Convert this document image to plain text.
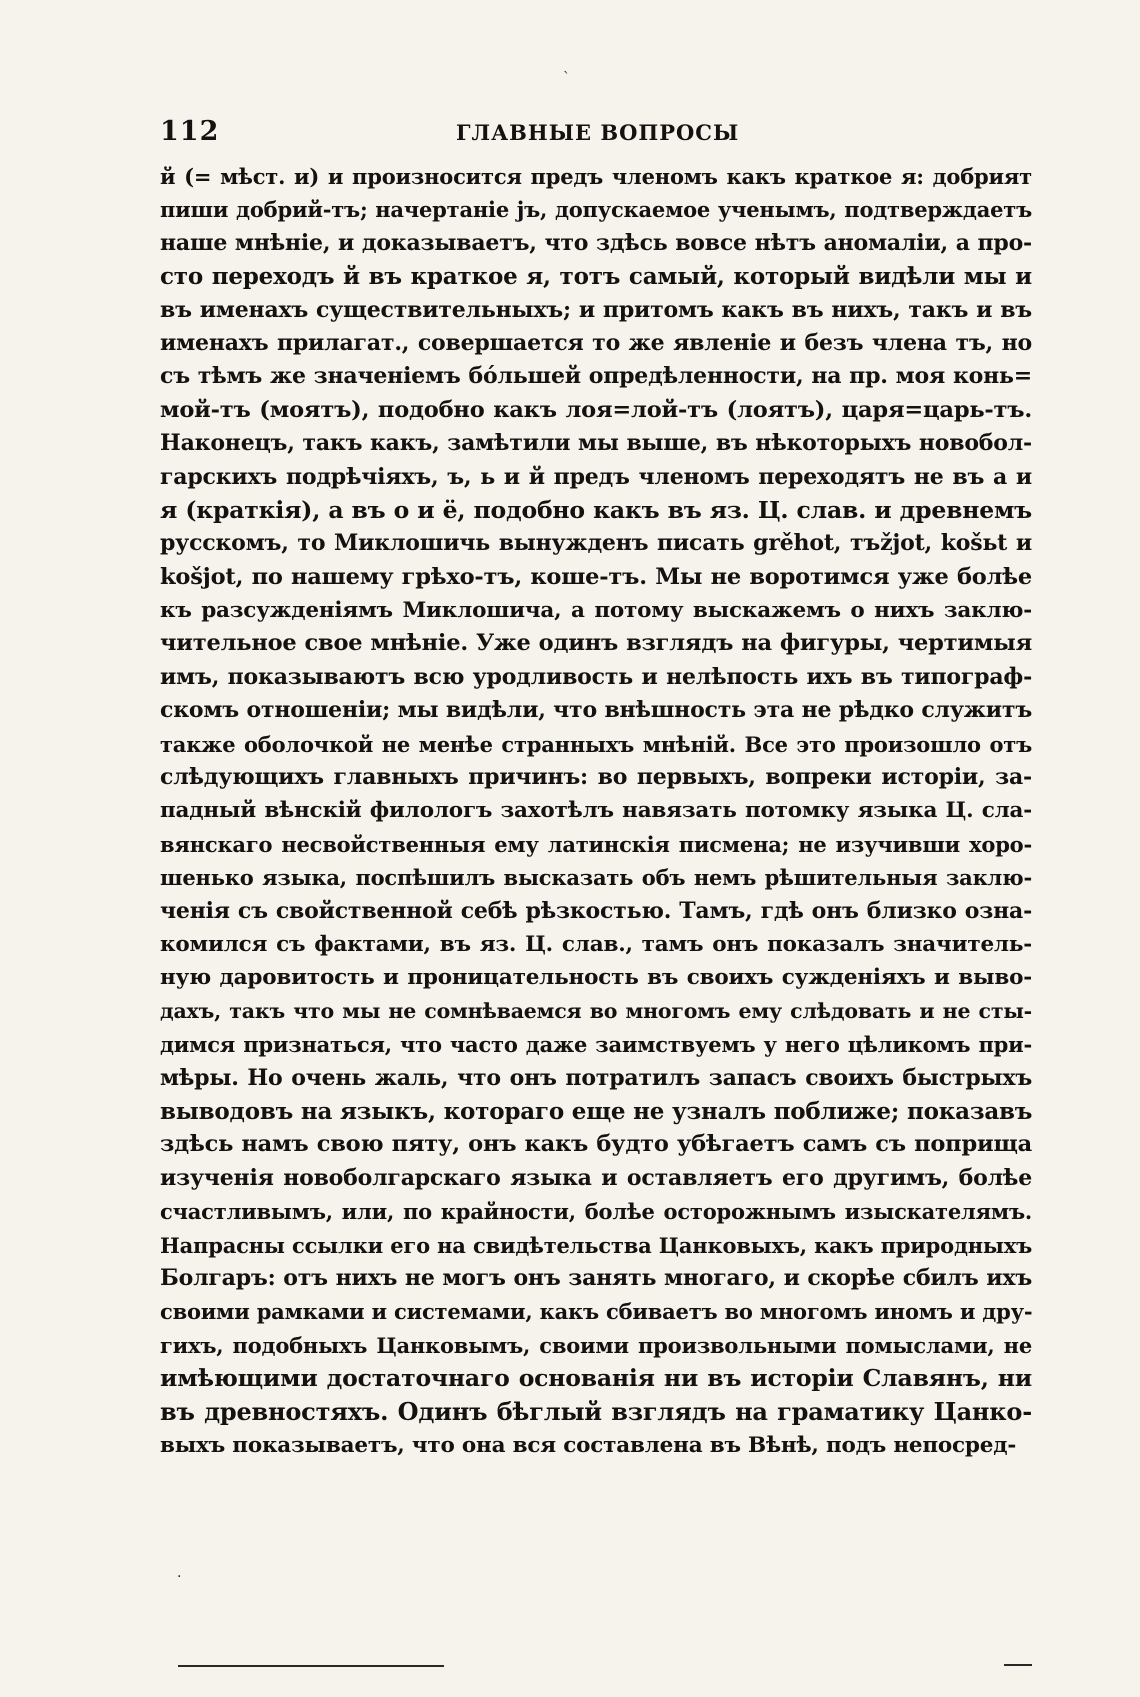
ˋ
112	ГЛАВНЫЕ ВОПРОСЫ
й (= мѣст. и) и произносится предъ членомъ какъ краткое я: добрият
пиши добрий-тъ; начертаніе jъ, допускаемое ученымъ, подтверждаетъ
наше мнѣніе, и доказываетъ, что здѣсь вовсе нѣтъ аномаліи, а про-
сто переходъ й въ краткое я, тотъ самый, который видѣли мы и
въ именахъ существительныхъ; и притомъ какъ въ нихъ, такъ и въ
именахъ прилагат., совершается то же явленіе и безъ члена тъ, но
съ тѣмъ же значеніемъ бóльшей опредѣленности, на пр. моя конь=
мой-тъ (моятъ), подобно какъ лоя=лой-тъ (лоятъ), царя=царь-тъ.
Наконецъ, такъ какъ, замѣтили мы выше, въ нѣкоторыхъ новобол-
гарскихъ подрѣчіяхъ, ъ, ь и й предъ членомъ переходятъ не въ а и
я (краткія), а въ о и ё, подобно какъ въ яз. Ц. слав. и древнемъ
русскомъ, то Миклошичь вынужденъ писать grěhot, тъžjot, košьt и
košjot, по нашему грѣхо-тъ, коше-тъ. Мы не воротимся уже болѣе
къ разсужденіямъ Миклошича, а потому выскажемъ о нихъ заклю-
чительное свое мнѣніе. Уже одинъ взглядъ на фигуры, чертимыя
имъ, показываютъ всю уродливость и нелѣпость ихъ въ типограф-
скомъ отношеніи; мы видѣли, что внѣшность эта не рѣдко служитъ
также оболочкой не менѣе странныхъ мнѣній. Все это произошло отъ
слѣдующихъ главныхъ причинъ: во первыхъ, вопреки исторіи, за-
падный вѣнскій филологъ захотѣлъ навязать потомку языка Ц. сла-
вянскаго несвойственныя ему латинскія писмена; не изучивши хоро-
шенько языка, поспѣшилъ высказать объ немъ рѣшительныя заклю-
ченія съ свойственной себѣ рѣзкостью. Тамъ, гдѣ онъ близко озна-
комился съ фактами, въ яз. Ц. слав., тамъ онъ показалъ значитель-
ную даровитость и проницательность въ своихъ сужденіяхъ и выво-
дахъ, такъ что мы не сомнѣваемся во многомъ ему слѣдовать и не сты-
димся признаться, что часто даже заимствуемъ у него цѣликомъ при-
мѣры. Но очень жаль, что онъ потратилъ запасъ своихъ быстрыхъ
выводовъ на языкъ, котораго еще не узналъ поближе; показавъ
здѣсь намъ свою пяту, онъ какъ будто убѣгаетъ самъ съ поприща
изученія новоболгарскаго языка и оставляетъ его другимъ, болѣе
счастливымъ, или, по крайности, болѣе осторожнымъ изыскателямъ.
Напрасны ссылки его на свидѣтельства Цанковыхъ, какъ природныхъ
Болгаръ: отъ нихъ не могъ онъ занять многаго, и скорѣе сбилъ ихъ
своими рамками и системами, какъ сбиваетъ во многомъ иномъ и дру-
гихъ, подобныхъ Цанковымъ, своими произвольными помыслами, не
имѣющими достаточнаго основанія ни въ исторіи Славянъ, ни
въ древностяхъ. Одинъ бѣглый взглядъ на граматику Цанко-
выхъ показываетъ, что она вся составлена въ Вѣнѣ, подъ непосред-
·
